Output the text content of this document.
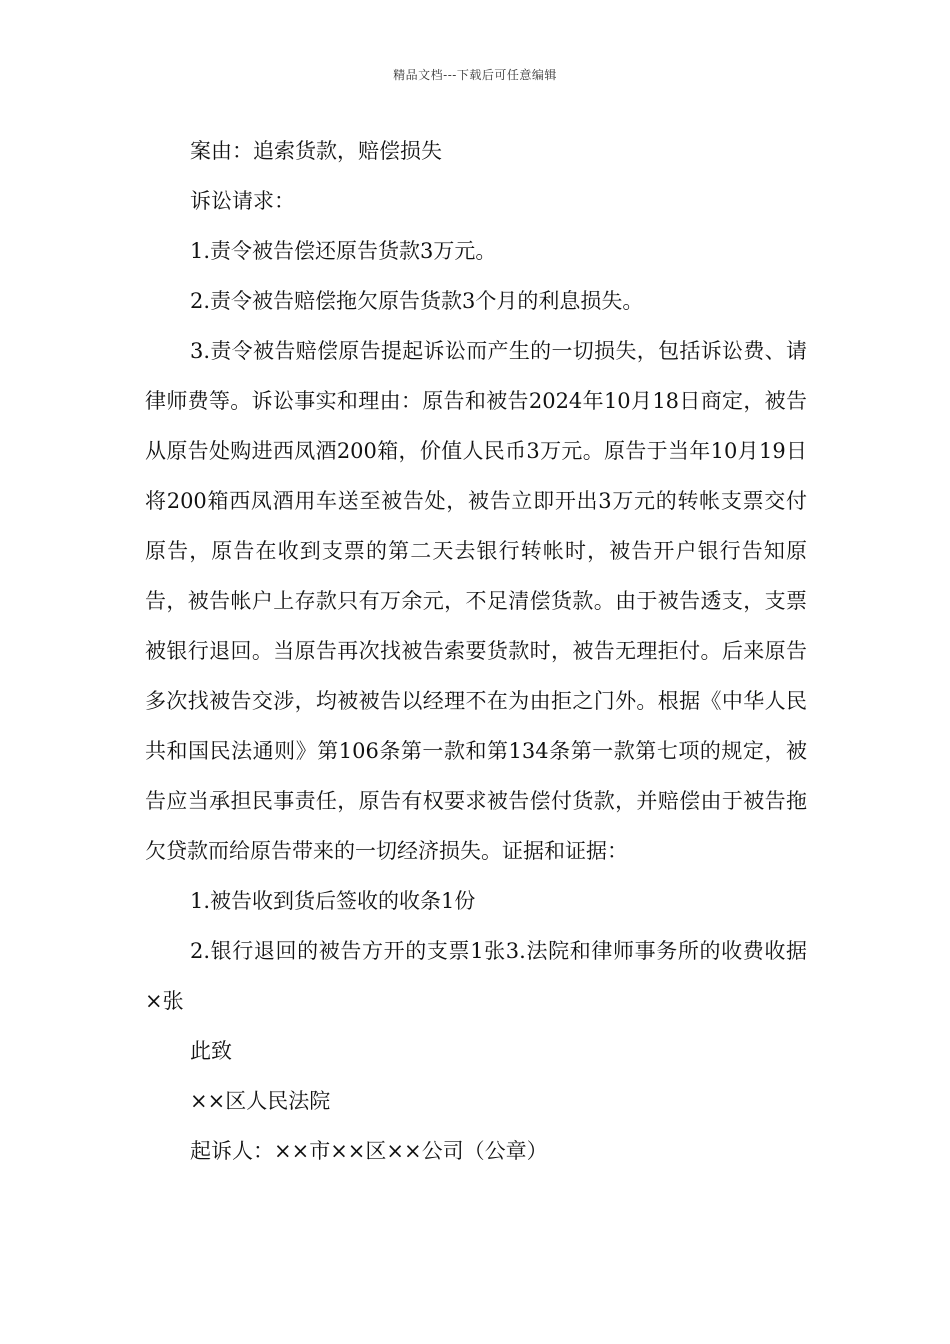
精品文档---下载后可任意编辑

案由：追索货款，赔偿损失

诉讼请求：

1.责令被告偿还原告货款3万元。

2.责令被告赔偿拖欠原告货款3个月的利息损失。

3.责令被告赔偿原告提起诉讼而产生的一切损失，包括诉讼费、请律师费等。诉讼事实和理由：原告和被告2024年10月18日商定，被告从原告处购进西凤酒200箱，价值人民币3万元。原告于当年10月19日将200箱西凤酒用车送至被告处，被告立即开出3万元的转帐支票交付原告，原告在收到支票的第二天去银行转帐时，被告开户银行告知原告，被告帐户上存款只有万余元，不足清偿货款。由于被告透支，支票被银行退回。当原告再次找被告索要货款时，被告无理拒付。后来原告多次找被告交涉，均被被告以经理不在为由拒之门外。根据《中华人民共和国民法通则》第106条第一款和第134条第一款第七项的规定，被告应当承担民事责任，原告有权要求被告偿付货款，并赔偿由于被告拖欠贷款而给原告带来的一切经济损失。证据和证据：

1.被告收到货后签收的收条1份

2.银行退回的被告方开的支票1张3.法院和律师事务所的收费收据×张

此致

××区人民法院

起诉人：××市××区××公司（公章）
